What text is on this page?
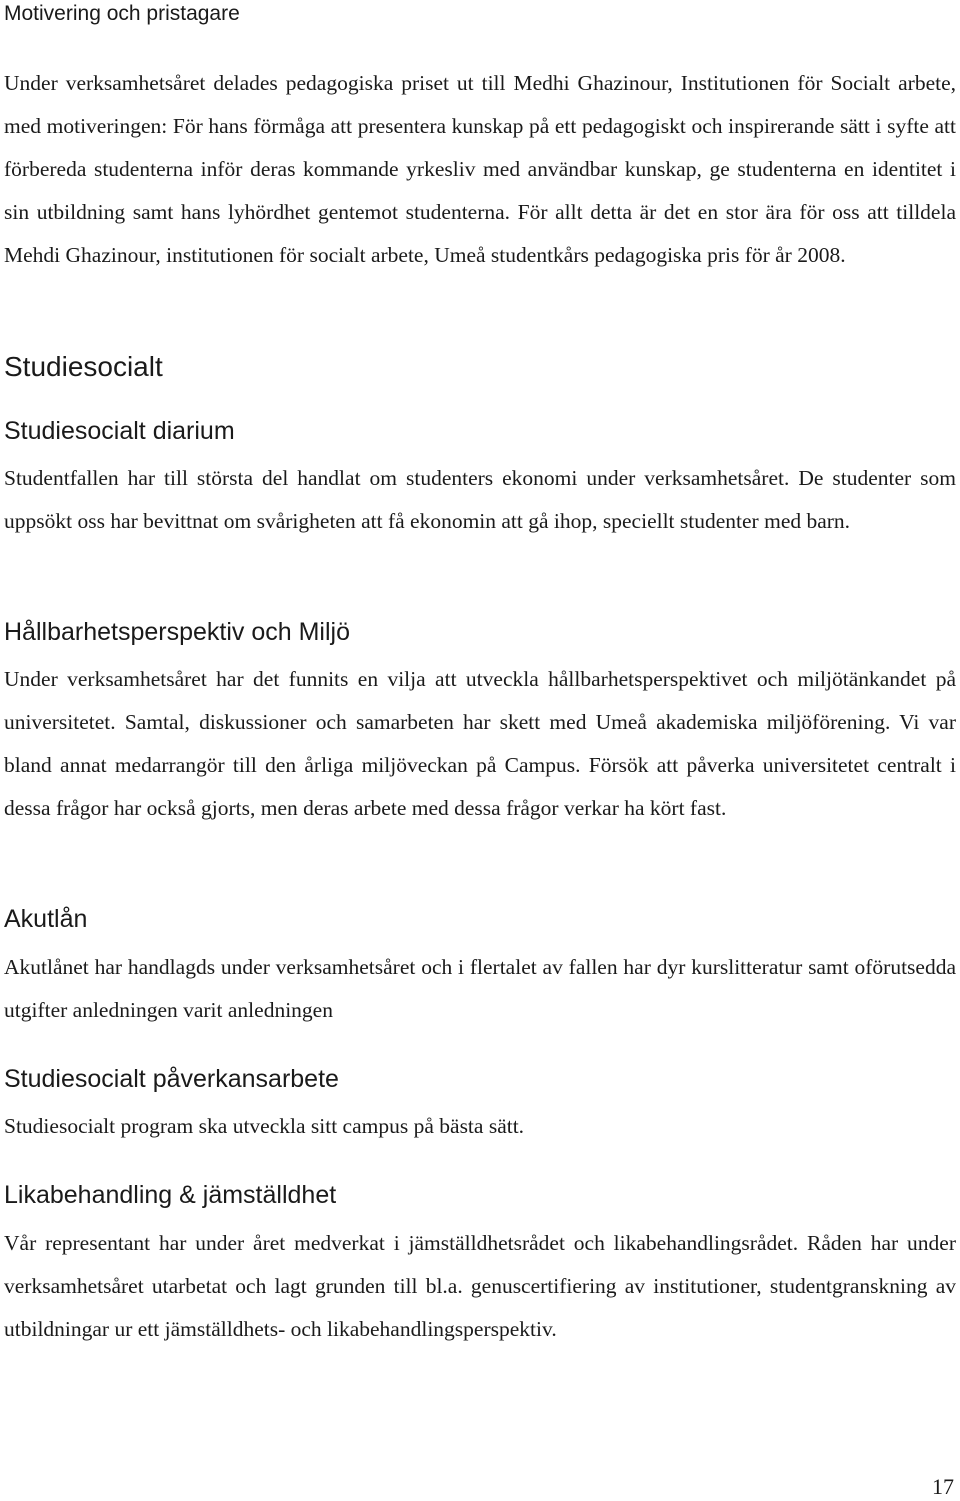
Motivering och pristagare

Under verksamhetsåret delades pedagogiska priset ut till Medhi Ghazinour, Institutionen för Socialt arbete, med motiveringen: För hans förmåga att presentera kunskap på ett pedagogiskt och inspirerande sätt i syfte att förbereda studenterna inför deras kommande yrkesliv med användbar kunskap, ge studenterna en identitet i sin utbildning samt hans lyhördhet gentemot studenterna. För allt detta är det en stor ära för oss att tilldela Mehdi Ghazinour, institutionen för socialt arbete, Umeå studentkårs pedagogiska pris för år 2008.

Studiesocialt
Studiesocialt diarium

Studentfallen har till största del handlat om studenters ekonomi under verksamhetsåret. De studenter som uppsökt oss har bevittnat om svårigheten att få ekonomin att gå ihop, speciellt studenter med barn.

Hållbarhetsperspektiv och Miljö

Under verksamhetsåret har det funnits en vilja att utveckla hållbarhetsperspektivet och miljötänkandet på universitetet. Samtal, diskussioner och samarbeten har skett med Umeå akademiska miljöförening. Vi var bland annat medarrangör till den årliga miljöveckan på Campus. Försök att påverka universitetet centralt i dessa frågor har också gjorts, men deras arbete med dessa frågor verkar ha kört fast.

Akutlån

Akutlånet har handlagds under verksamhetsåret och i flertalet av fallen har dyr kurslitteratur samt oförutsedda utgifter anledningen varit anledningen

Studiesocialt påverkansarbete

Studiesocialt program ska utveckla sitt campus på bästa sätt.

Likabehandling & jämställdhet

Vår representant har under året medverkat i jämställdhetsrådet och likabehandlingsrådet. Råden har under verksamhetsåret utarbetat och lagt grunden till bl.a. genuscertifiering av institutioner, studentgranskning av utbildningar ur ett jämställdhets- och likabehandlingsperspektiv.

17
